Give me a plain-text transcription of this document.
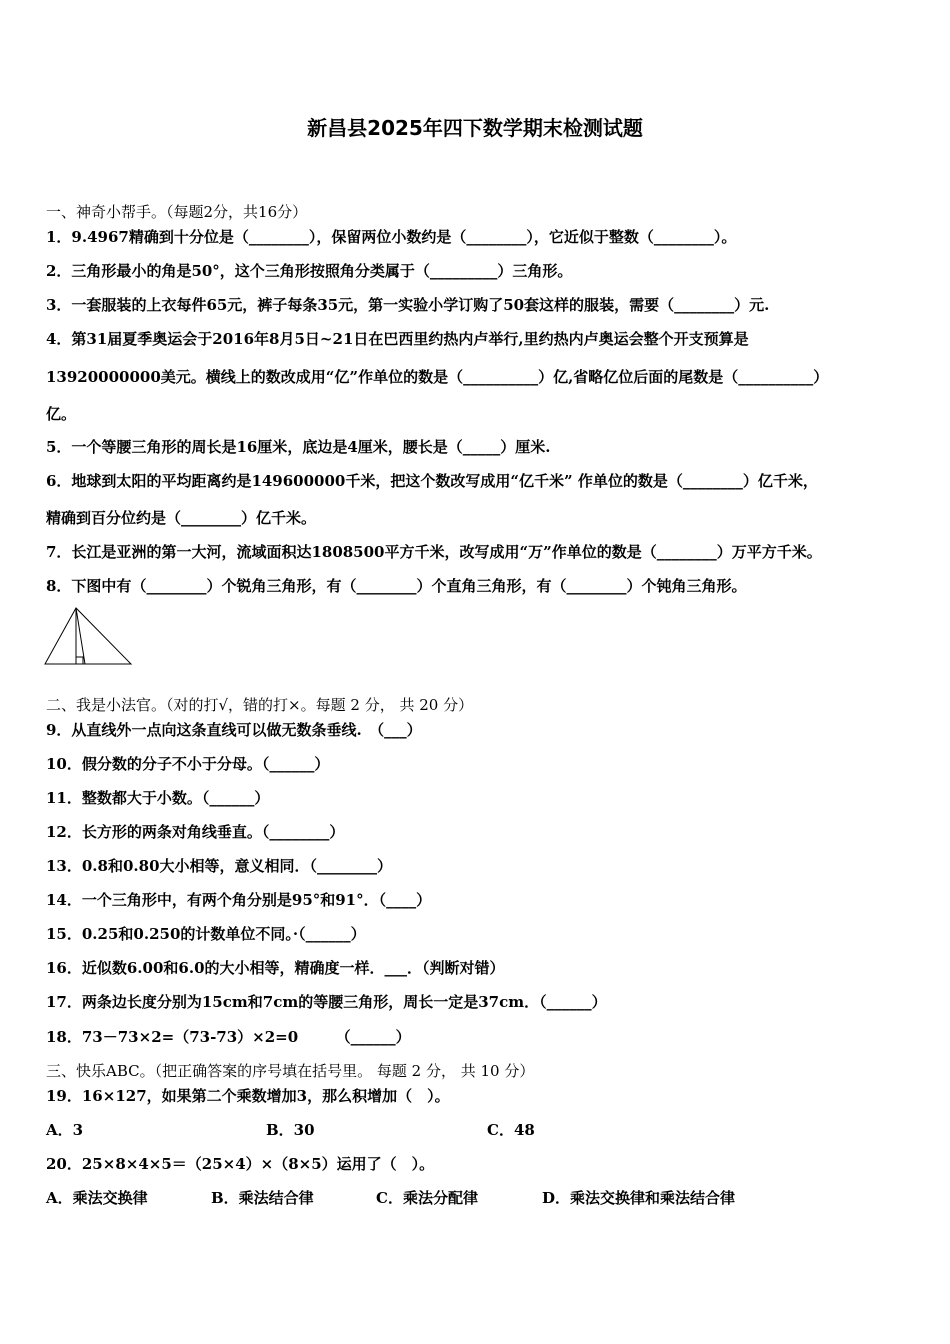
新昌县2025年四下数学期末检测试题
一、神奇小帮手。（每题2分，共16分）
1．9.4967精确到十分位是（________），保留两位小数约是（________），它近似于整数（________）。
2．三角形最小的角是50°，这个三角形按照角分类属于（_________）三角形。
3．一套服装的上衣每件65元，裤子每条35元，第一实验小学订购了50套这样的服装，需要（________）元.
4．第31届夏季奥运会于2016年8月5日~21日在巴西里约热内卢举行,里约热内卢奥运会整个开支预算是
13920000000美元。横线上的数改成用“亿”作单位的数是（__________）亿,省略亿位后面的尾数是（__________）
亿。
5．一个等腰三角形的周长是16厘米，底边是4厘米，腰长是（_____）厘米.
6．地球到太阳的平均距离约是149600000千米，把这个数改写成用“亿千米” 作单位的数是（________）亿千米，
精确到百分位约是（________）亿千米。
7．长江是亚洲的第一大河，流域面积达1808500平方千米，改写成用“万”作单位的数是（________）万平方千米。
8．下图中有（________）个锐角三角形，有（________）个直角三角形，有（________）个钝角三角形。
二、我是小法官。（对的打√，错的打×。每题 2 分， 共 20 分）
9．从直线外一点向这条直线可以做无数条垂线.　（___）
10．假分数的分子不小于分母。（______）
11．整数都大于小数。（______）
12．长方形的两条对角线垂直。（________）
13．0.8和0.80大小相等，意义相同．（________）
14．一个三角形中，有两个角分别是95°和91°．（____）
15．0.25和0.250的计数单位不同。·（______）
16．近似数6.00和6.0的大小相等，精确度一样．___．（判断对错）
17．两条边长度分别为15cm和7cm的等腰三角形，周长一定是37cm．（______）
18．73－73×2=（73-73）×2=0　　　（______）
三、快乐ABC。（把正确答案的序号填在括号里。 每题 2 分， 共 10 分）
19．16×127，如果第二个乘数增加3，那么积增加（　）。
A．3	B．30	C．48
20．25×8×4×5＝（25×4）×（8×5）运用了（　）。
A．乘法交换律	B．乘法结合律	C．乘法分配律	D．乘法交换律和乘法结合律
